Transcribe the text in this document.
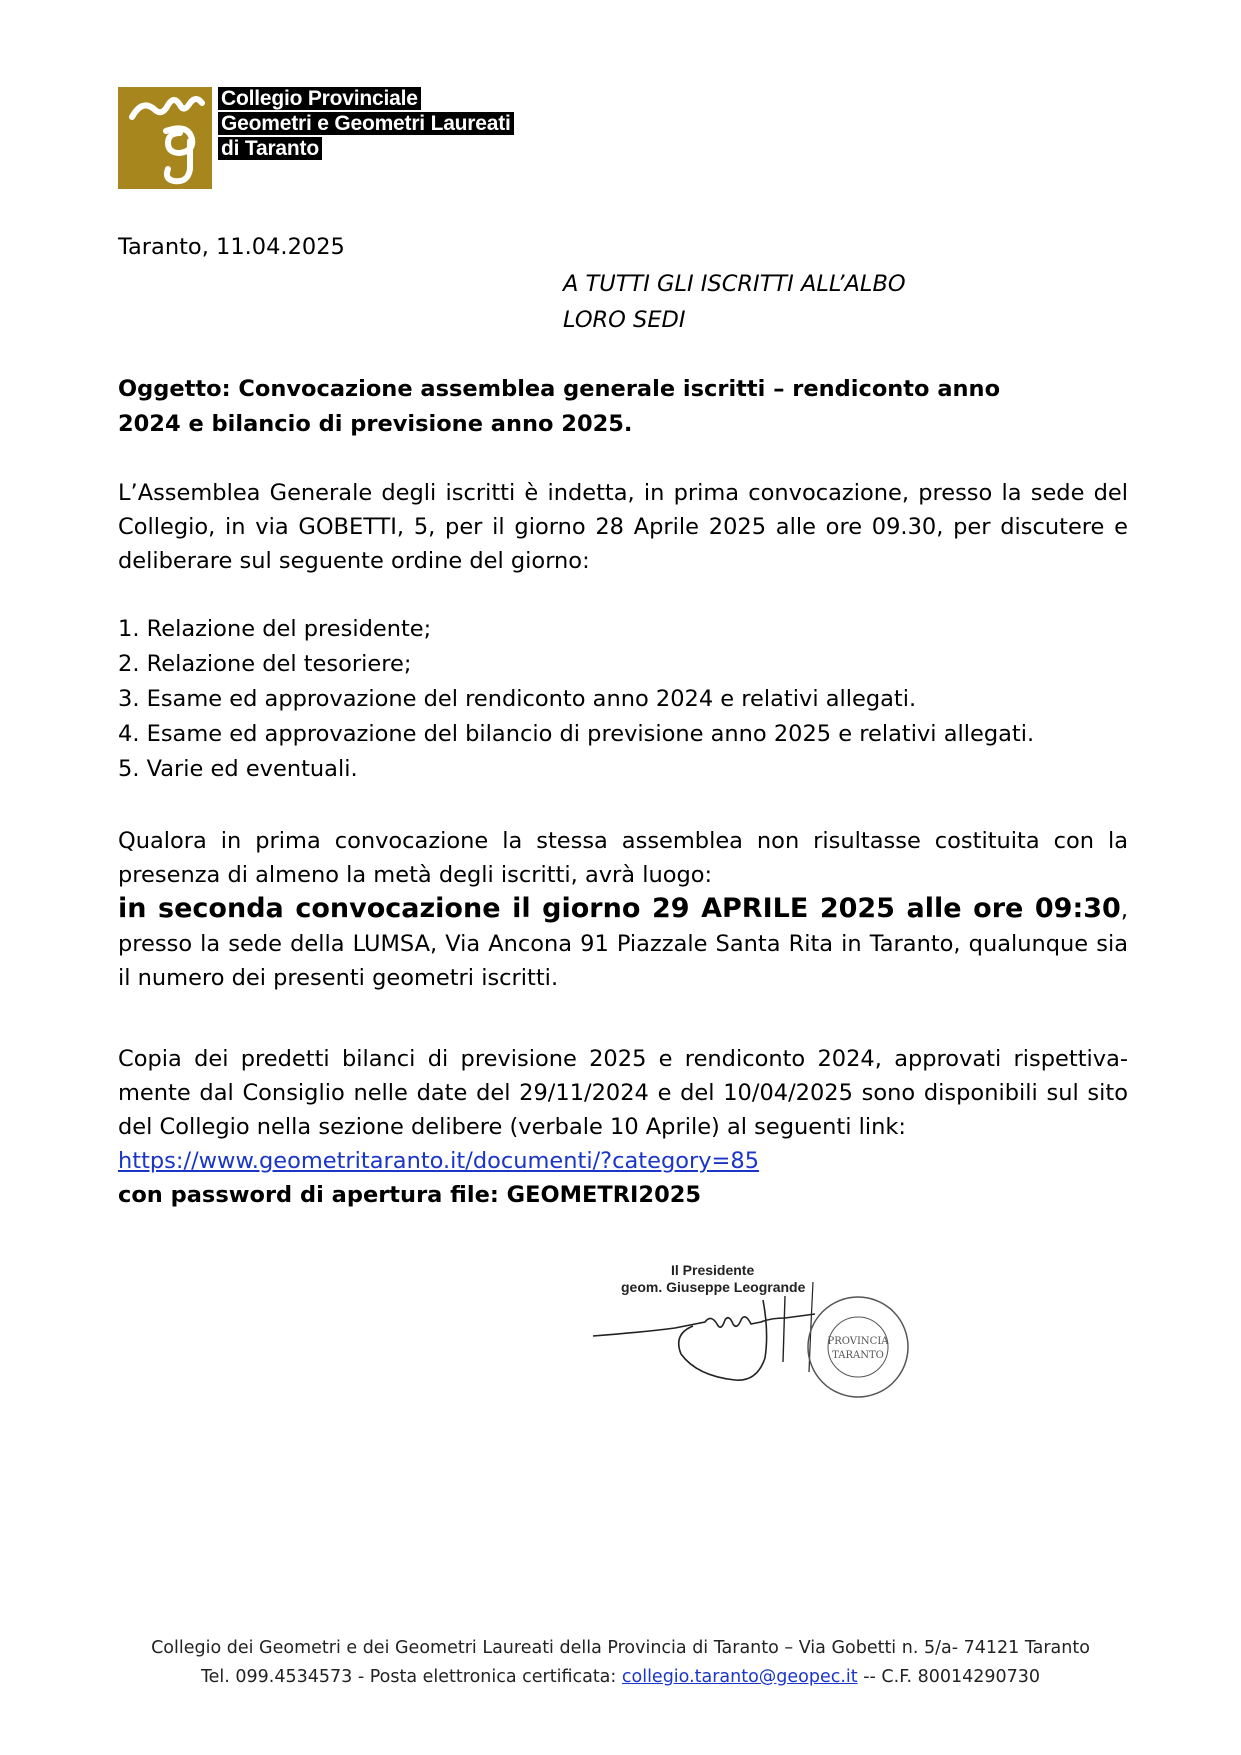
Collegio Provinciale
Geometri e Geometri Laureati
di Taranto
Taranto, 11.04.2025
A TUTTI GLI ISCRITTI ALL’ALBO
LORO SEDI
Oggetto: Convocazione assemblea generale iscritti – rendiconto anno 2024 e bilancio di previsione anno 2025.
L’Assemblea Generale degli iscritti è indetta, in prima convocazione, presso la sede del Collegio, in via GOBETTI, 5, per il giorno 28 Aprile 2025 alle ore 09.30, per discutere e deliberare sul seguente ordine del giorno:
1. Relazione del presidente;
2. Relazione del tesoriere;
3. Esame ed approvazione del rendiconto anno 2024 e relativi allegati.
4. Esame ed approvazione del bilancio di previsione anno 2025 e relativi allegati.
5. Varie ed eventuali.
Qualora in prima convocazione la stessa assemblea non risultasse costituita con la presenza di almeno la metà degli iscritti, avrà luogo:
in seconda convocazione il giorno 29 APRILE 2025 alle ore 09:30, presso la sede della LUMSA, Via Ancona 91 Piazzale Santa Rita in Taranto, qualunque sia il numero dei presenti geometri iscritti.
Copia dei predetti bilanci di previsione 2025 e rendiconto 2024, approvati rispettiva-mente dal Consiglio nelle date del 29/11/2024 e del 10/04/2025 sono disponibili sul sito del Collegio nella sezione delibere (verbale 10 Aprile) al seguenti link:
https://www.geometritaranto.it/documenti/?category=85
con password di apertura file: GEOMETRI2025
Il Presidente
geom. Giuseppe Leogrande
PROVINCIA
TARANTO
Collegio dei Geometri e dei Geometri Laureati della Provincia di Taranto – Via Gobetti n. 5/a- 74121 Taranto
Tel. 099.4534573 - Posta elettronica certificata: collegio.taranto@geopec.it -- C.F. 80014290730
